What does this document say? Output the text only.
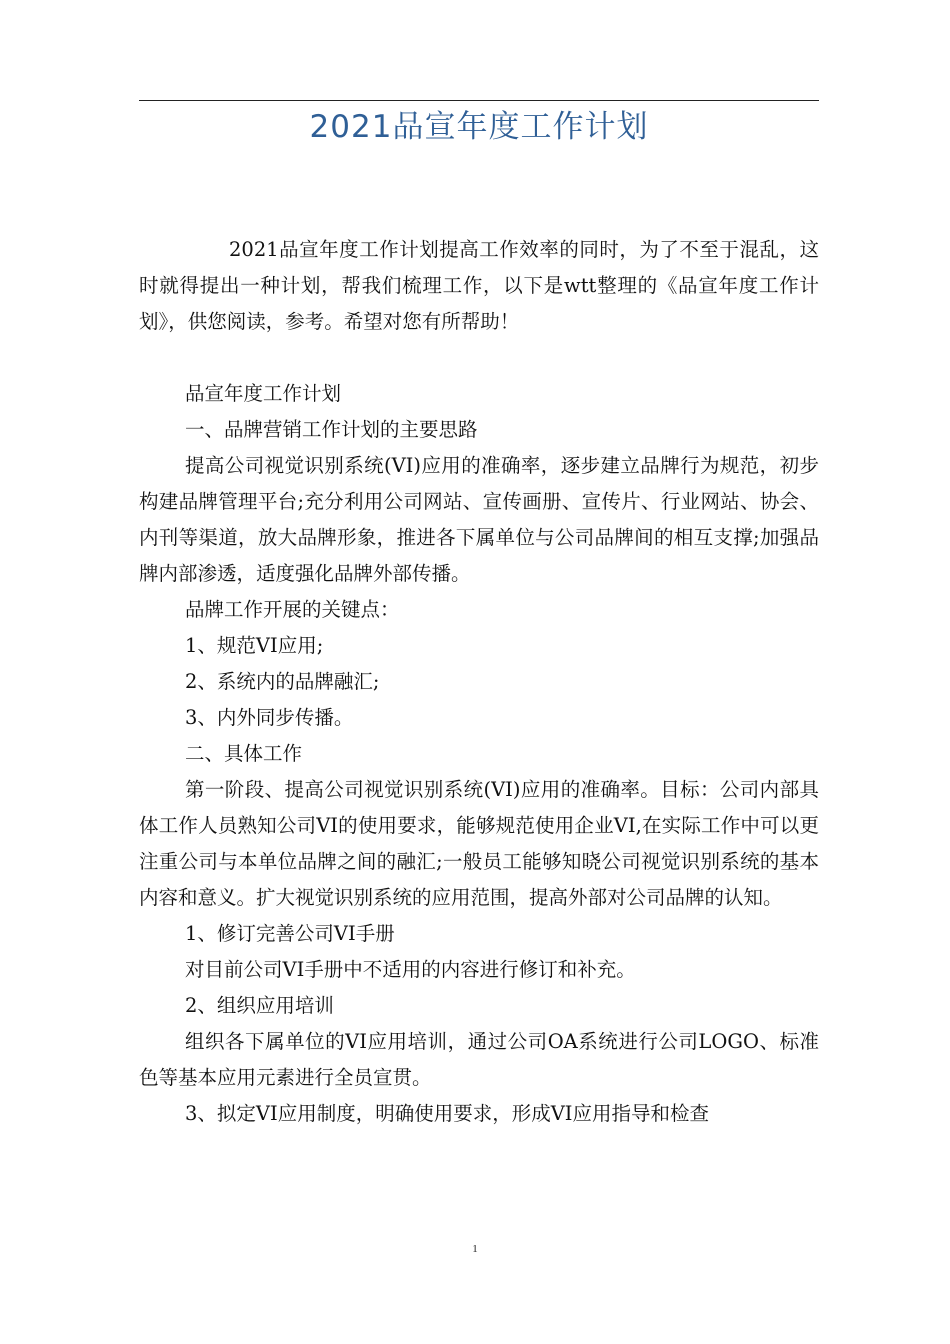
2021品宣年度工作计划

2021品宣年度工作计划提高工作效率的同时，为了不至于混乱，这时就得提出一种计划，帮我们梳理工作，以下是wtt整理的《品宣年度工作计划》，供您阅读，参考。希望对您有所帮助！

品宣年度工作计划

一、品牌营销工作计划的主要思路

提高公司视觉识别系统(VI)应用的准确率，逐步建立品牌行为规范，初步构建品牌管理平台;充分利用公司网站、宣传画册、宣传片、行业网站、协会、内刊等渠道，放大品牌形象，推进各下属单位与公司品牌间的相互支撑;加强品牌内部渗透，适度强化品牌外部传播。

品牌工作开展的关键点：

1、规范VI应用;

2、系统内的品牌融汇;

3、内外同步传播。

二、具体工作

第一阶段、提高公司视觉识别系统(VI)应用的准确率。目标：公司内部具体工作人员熟知公司VI的使用要求，能够规范使用企业VI,在实际工作中可以更注重公司与本单位品牌之间的融汇;一般员工能够知晓公司视觉识别系统的基本内容和意义。扩大视觉识别系统的应用范围，提高外部对公司品牌的认知。

1、修订完善公司VI手册

对目前公司VI手册中不适用的内容进行修订和补充。

2、组织应用培训

组织各下属单位的VI应用培训，通过公司OA系统进行公司LOGO、标准色等基本应用元素进行全员宣贯。

3、拟定VI应用制度，明确使用要求，形成VI应用指导和检查

1
